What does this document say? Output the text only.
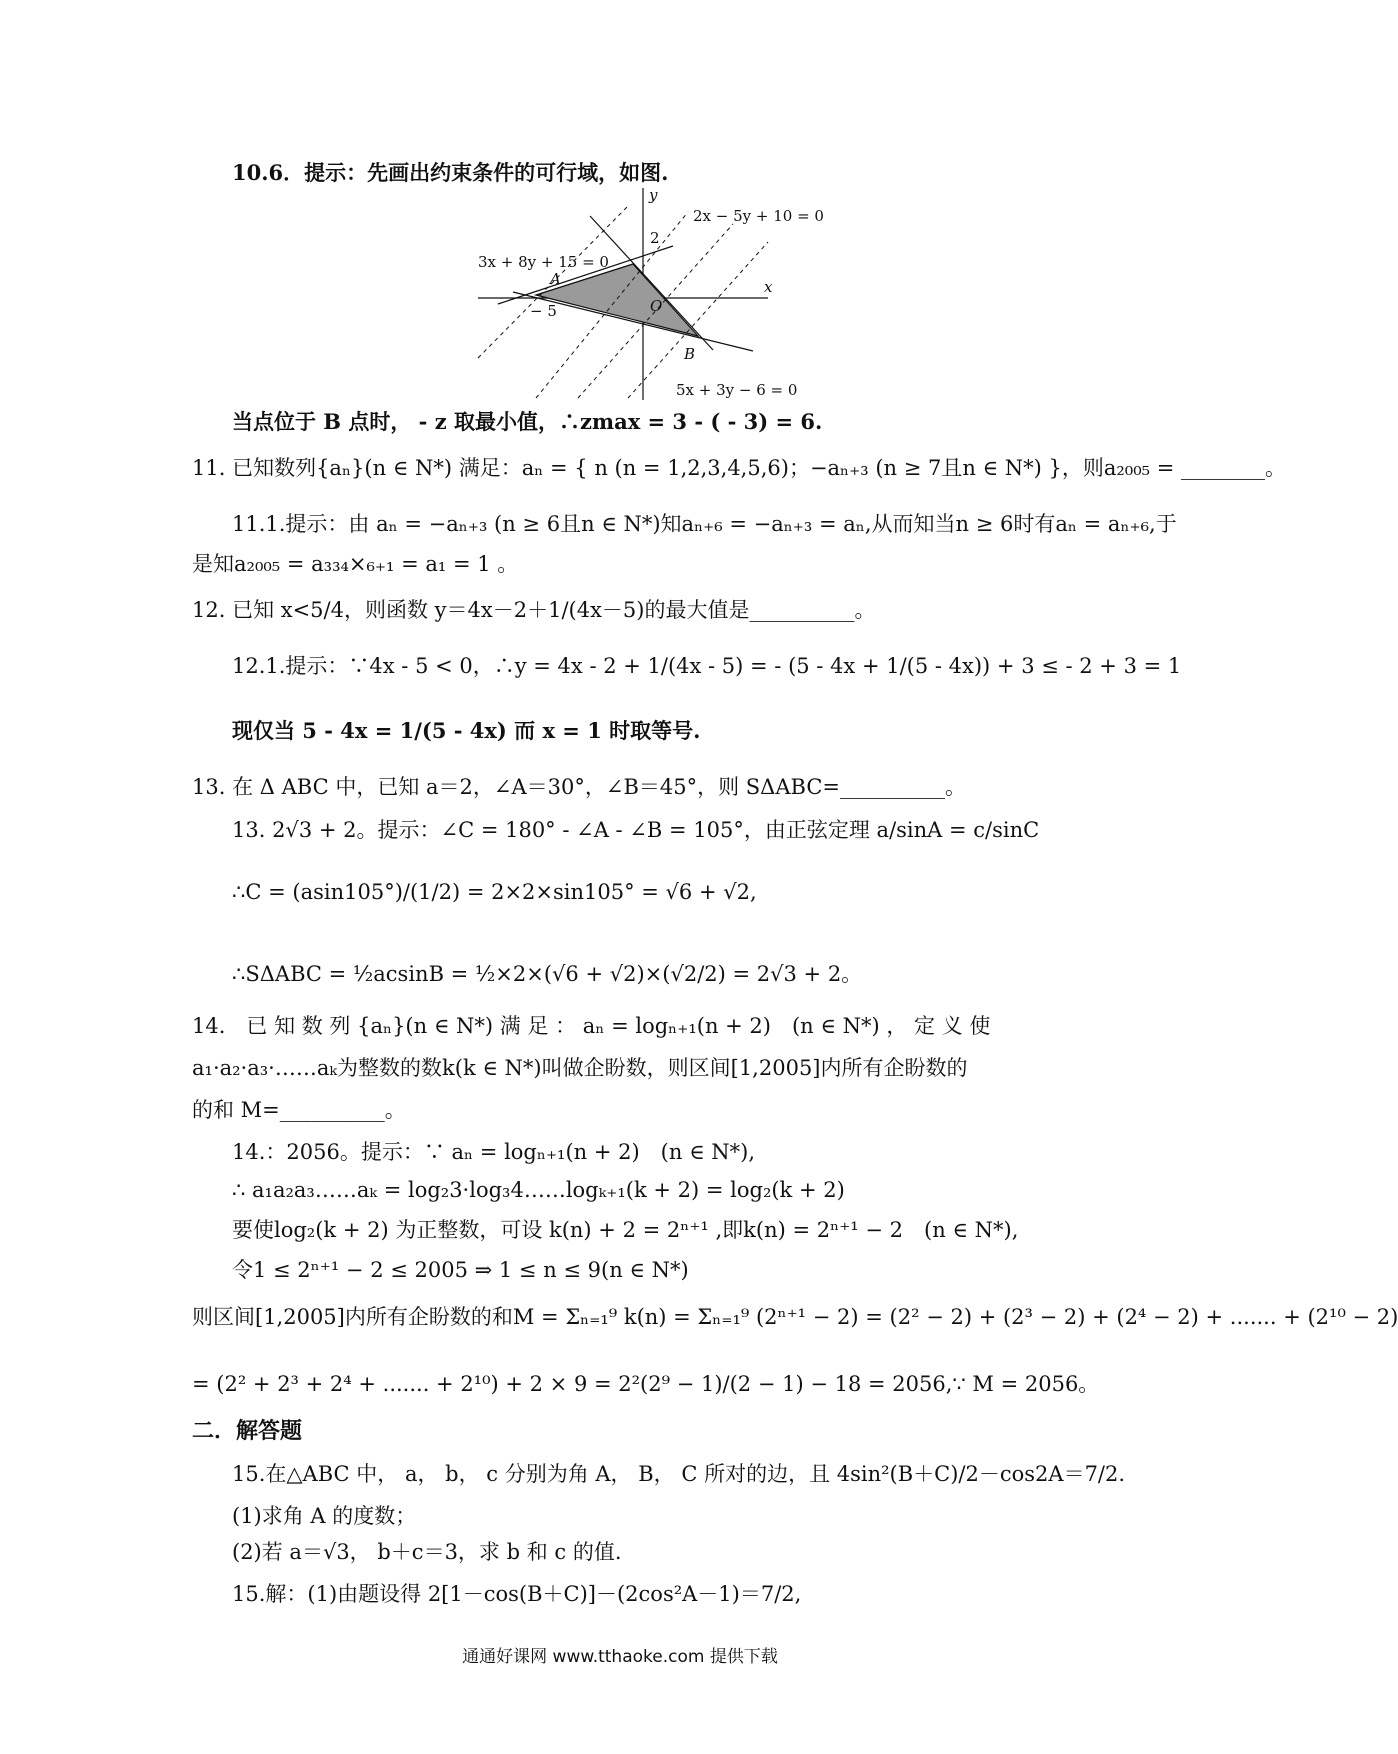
10.6．提示：先画出约束条件的可行域，如图.
当点位于 B 点时， - z 取最小值，∴zmax = 3 - ( - 3) = 6.
11. 已知数列{aₙ}(n ∈ N*) 满足：aₙ = { n (n = 1,2,3,4,5,6)；−aₙ₊₃ (n ≥ 7且n ∈ N*) }，则a₂₀₀₅ = ________。
11.1.提示：由 aₙ = −aₙ₊₃ (n ≥ 6且n ∈ N*)知aₙ₊₆ = −aₙ₊₃ = aₙ,从而知当n ≥ 6时有aₙ = aₙ₊₆,于
是知a₂₀₀₅ = a₃₃₄×₆₊₁ = a₁ = 1 。
12. 已知 x<5/4，则函数 y＝4x－2＋1/(4x－5)的最大值是__________。
12.1.提示：∵4x - 5 < 0，∴y = 4x - 2 + 1/(4x - 5) = - (5 - 4x + 1/(5 - 4x)) + 3 ≤ - 2 + 3 = 1
现仅当 5 - 4x = 1/(5 - 4x) 而 x = 1 时取等号.
13. 在 Δ ABC 中，已知 a＝2，∠A＝30°，∠B＝45°，则 SΔABC=__________。
13. 2√3 + 2。提示：∠C = 180° - ∠A - ∠B = 105°，由正弦定理 a/sinA = c/sinC
∴C = (asin105°)/(1/2) = 2×2×sin105° = √6 + √2,
∴SΔABC = ½acsinB = ½×2×(√6 + √2)×(√2/2) = 2√3 + 2。
14.　已 知 数 列 {aₙ}(n ∈ N*) 满 足 ： aₙ = logₙ₊₁(n + 2)　(n ∈ N*) ， 定 义 使
a₁·a₂·a₃·……aₖ为整数的数k(k ∈ N*)叫做企盼数，则区间[1,2005]内所有企盼数的
的和 M=__________。
14.：2056。提示：∵ aₙ = logₙ₊₁(n + 2)　(n ∈ N*),
∴ a₁a₂a₃……aₖ = log₂3·log₃4……logₖ₊₁(k + 2) = log₂(k + 2)
要使log₂(k + 2) 为正整数，可设 k(n) + 2 = 2ⁿ⁺¹ ,即k(n) = 2ⁿ⁺¹ − 2　(n ∈ N*),
令1 ≤ 2ⁿ⁺¹ − 2 ≤ 2005 ⇒ 1 ≤ n ≤ 9(n ∈ N*)
则区间[1,2005]内所有企盼数的和M = Σₙ₌₁⁹ k(n) = Σₙ₌₁⁹ (2ⁿ⁺¹ − 2) = (2² − 2) + (2³ − 2) + (2⁴ − 2) + ....... + (2¹⁰ − 2)
= (2² + 2³ + 2⁴ + ....... + 2¹⁰) + 2 × 9 = 2²(2⁹ − 1)/(2 − 1) − 18 = 2056,∵ M = 2056。
二．解答题
15.在△ABC 中， a， b， c 分别为角 A， B， C 所对的边，且 4sin²(B＋C)/2－cos2A＝7/2.
(1)求角 A 的度数；
(2)若 a＝√3， b＋c＝3，求 b 和 c 的值.
15.解：(1)由题设得 2[1－cos(B＋C)]－(2cos²A－1)＝7/2,
2x − 5y + 10 = 0
3x + 8y + 15 = 0
5x + 3y − 6 = 0
A
B
O
x
y
2
− 5
通通好课网 www.tthaoke.com 提供下载
